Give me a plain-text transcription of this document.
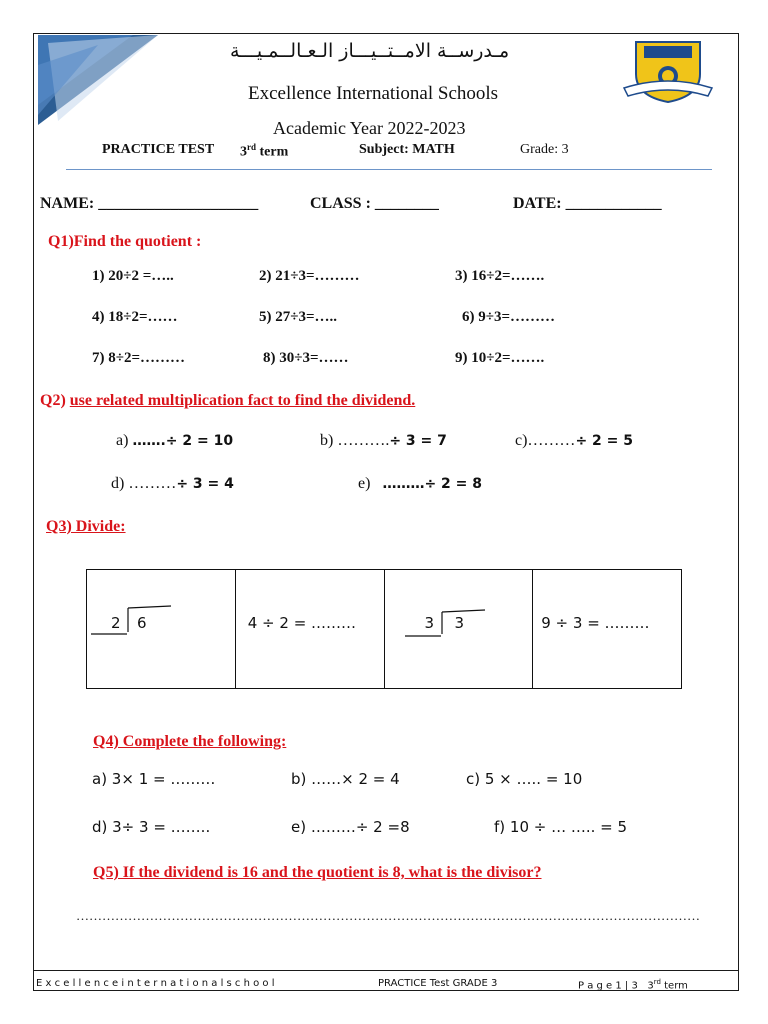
مـدرســة الامــتــيـــاز الـعـالــمـيـــة
Excellence International Schools
Academic Year 2022-2023
PRACTICE TEST 3rd term	Subject: MATH	Grade: 3
NAME: ____________________	CLASS : ________	DATE: ____________
Q1)Find the quotient :
1) 20÷2 =…..	2) 21÷3=………	3) 16÷2=…….
4) 18÷2=……	5) 27÷3=…..	6) 9÷3=………
7) 8÷2=………	8) 30÷3=……	9) 10÷2=…….
Q2) use related multiplication fact to find the dividend.
a) …….÷ 2 = 10	b) ……….÷ 3 = 7	c)………÷ 2 = 5
d) ………÷ 3 = 4	e) ………÷ 2 = 8
Q3) Divide:
2 6	4 ÷ 2 = ………	3 3	9 ÷ 3 = ………
Q4) Complete the following:
a) 3× 1 = ………	b) ……× 2 = 4	c) 5 × ….. = 10
d) 3÷ 3 = ……..	e) ………÷ 2 =8	f) 10 ÷ … ….. = 5
Q5) If the dividend is 16 and the quotient is 8, what is the divisor?
………………………………………………………………………………………………………………………………
E x c e l l e n c e i n t e r n a t i o n a l s c h o o l	PRACTICE Test GRADE 3	P a g e 1 | 3 3rd term
